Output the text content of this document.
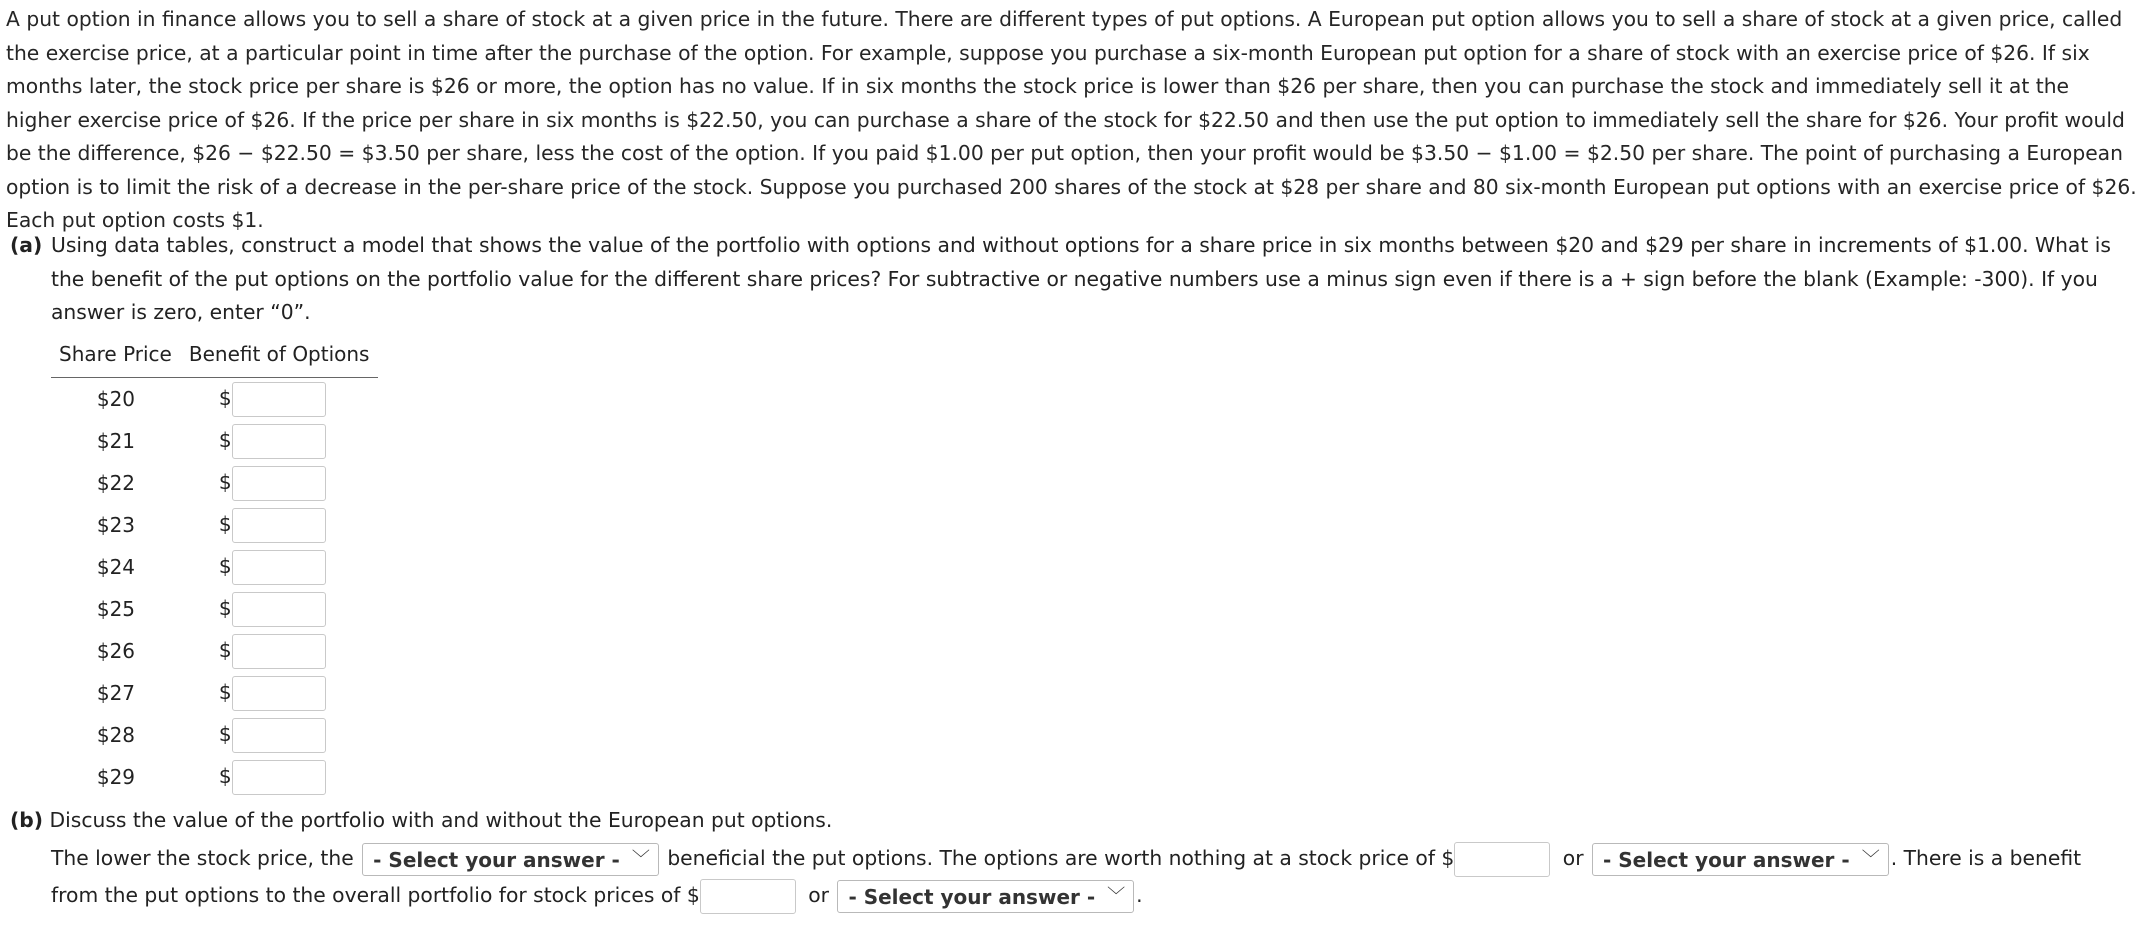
A put option in finance allows you to sell a share of stock at a given price in the future. There are different types of put options. A European put option allows you to sell a share of stock at a given price, called the exercise price, at a particular point in time after the purchase of the option. For example, suppose you purchase a six-month European put option for a share of stock with an exercise price of $26. If six months later, the stock price per share is $26 or more, the option has no value. If in six months the stock price is lower than $26 per share, then you can purchase the stock and immediately sell it at the higher exercise price of $26. If the price per share in six months is $22.50, you can purchase a share of the stock for $22.50 and then use the put option to immediately sell the share for $26. Your profit would be the difference, $26 − $22.50 = $3.50 per share, less the cost of the option. If you paid $1.00 per put option, then your profit would be $3.50 − $1.00 = $2.50 per share. The point of purchasing a European option is to limit the risk of a decrease in the per-share price of the stock. Suppose you purchased 200 shares of the stock at $28 per share and 80 six-month European put options with an exercise price of $26. Each put option costs $1.

(a) Using data tables, construct a model that shows the value of the portfolio with options and without options for a share price in six months between $20 and $29 per share in increments of $1.00. What is the benefit of the put options on the portfolio value for the different share prices? For subtractive or negative numbers use a minus sign even if there is a + sign before the blank (Example: -300). If you answer is zero, enter “0”.
Share Price	Benefit of Options
$20	$
$21	$
$22	$
$23	$
$24	$
$25	$
$26	$
$27	$
$28	$
$29	$
(b) Discuss the value of the portfolio with and without the European put options.
The lower the stock price, the - Select your answer - ﹀ beneficial the put options. The options are worth nothing at a stock price of $	or - Select your answer - ﹀ . There is a benefit from the put options to the overall portfolio for stock prices of $	or - Select your answer - ﹀ .
